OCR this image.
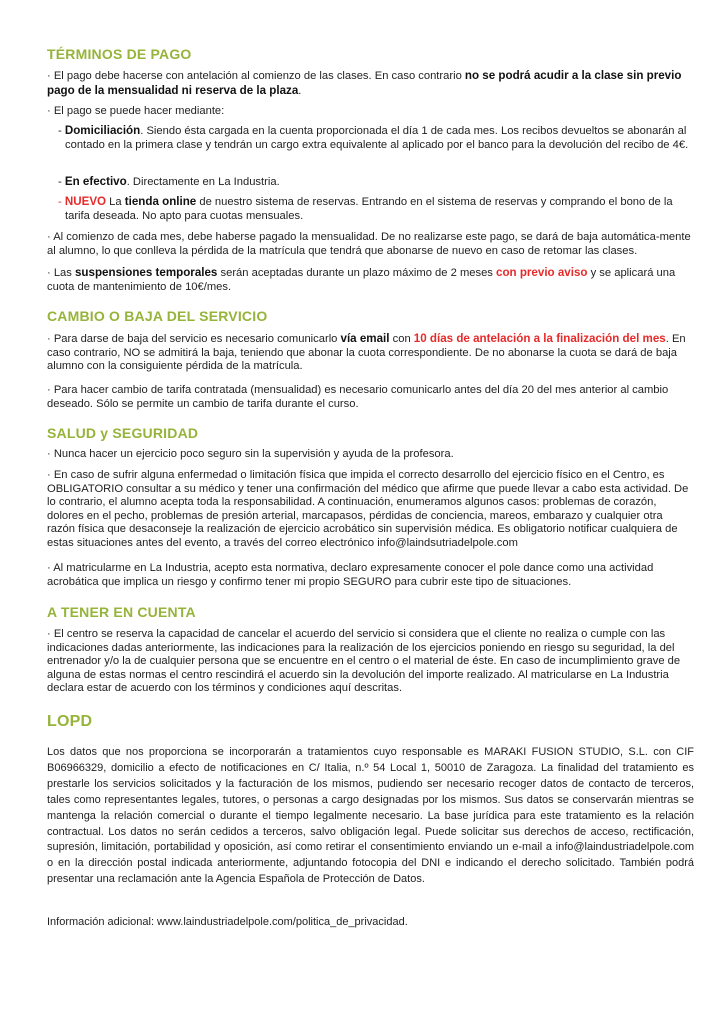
TÉRMINOS DE PAGO

· El pago debe hacerse con antelación al comienzo de las clases. En caso contrario no se podrá acudir a la clase sin previo pago de la mensualidad ni reserva de la plaza.

· El pago se puede hacer mediante:

- Domiciliación. Siendo ésta cargada en la cuenta proporcionada el día 1 de cada mes. Los recibos devueltos se abonarán al contado en la primera clase y tendrán un cargo extra equivalente al aplicado por el banco para la devolución del recibo de 4€.

- En efectivo. Directamente en La Industria.

- NUEVO La tienda online de nuestro sistema de reservas. Entrando en el sistema de reservas y comprando el bono de la tarifa deseada. No apto para cuotas mensuales.

· Al comienzo de cada mes, debe haberse pagado la mensualidad. De no realizarse este pago, se dará de baja automática-mente al alumno, lo que conlleva la pérdida de la matrícula que tendrá que abonarse de nuevo en caso de retomar las clases.

· Las suspensiones temporales serán aceptadas durante un plazo máximo de 2 meses con previo aviso y se aplicará una cuota de mantenimiento de 10€/mes.

CAMBIO O BAJA DEL SERVICIO

· Para darse de baja del servicio es necesario comunicarlo vía email con 10 días de antelación a la finalización del mes. En caso contrario, NO se admitirá la baja, teniendo que abonar la cuota correspondiente. De no abonarse la cuota se dará de baja alumno con la consiguiente pérdida de la matrícula.

· Para hacer cambio de tarifa contratada (mensualidad) es necesario comunicarlo antes del día 20 del mes anterior al cambio deseado. Sólo se permite un cambio de tarifa durante el curso.

SALUD y SEGURIDAD

· Nunca hacer un ejercicio poco seguro sin la supervisión y ayuda de la profesora.

· En caso de sufrir alguna enfermedad o limitación física que impida el correcto desarrollo del ejercicio físico en el Centro, es OBLIGATORIO consultar a su médico y tener una confirmación del médico que afirme que puede llevar a cabo esta actividad. De lo contrario, el alumno acepta toda la responsabilidad. A continuación, enumeramos algunos casos: problemas de corazón, dolores en el pecho, problemas de presión arterial, marcapasos, pérdidas de conciencia, mareos, embarazo y cualquier otra razón física que desaconseje la realización de ejercicio acrobático sin supervisión médica. Es obligatorio notificar cualquiera de estas situaciones antes del evento, a través del correo electrónico info@laindsutriadelpole.com

· Al matricularme en La Industria, acepto esta normativa, declaro expresamente conocer el pole dance como una actividad acrobática que implica un riesgo y confirmo tener mi propio SEGURO para cubrir este tipo de situaciones.

A TENER EN CUENTA

· El centro se reserva la capacidad de cancelar el acuerdo del servicio si considera que el cliente no realiza o cumple con las indicaciones dadas anteriormente, las indicaciones para la realización de los ejercicios poniendo en riesgo su seguridad, la del entrenador y/o la de cualquier persona que se encuentre en el centro o el material de éste. En caso de incumplimiento grave de alguna de estas normas el centro rescindirá el acuerdo sin la devolución del importe realizado. Al matricularse en La Industria declara estar de acuerdo con los términos y condiciones aquí descritas.

LOPD

Los datos que nos proporciona se incorporarán a tratamientos cuyo responsable es MARAKI FUSION STUDIO, S.L. con CIF B06966329, domicilio a efecto de notificaciones en C/ Italia, n.º 54 Local 1, 50010 de Zaragoza. La finalidad del tratamiento es prestarle los servicios solicitados y la facturación de los mismos, pudiendo ser necesario recoger datos de contacto de terceros, tales como representantes legales, tutores, o personas a cargo designadas por los mismos. Sus datos se conservarán mientras se mantenga la relación comercial o durante el tiempo legalmente necesario. La base jurídica para este tratamiento es la relación contractual. Los datos no serán cedidos a terceros, salvo obligación legal. Puede solicitar sus derechos de acceso, rectificación, supresión, limitación, portabilidad y oposición, así como retirar el consentimiento enviando un e-mail a info@laindustriadelpole.com o en la dirección postal indicada anteriormente, adjuntando fotocopia del DNI e indicando el derecho solicitado. También podrá presentar una reclamación ante la Agencia Española de Protección de Datos.

Información adicional: www.laindustriadelpole.com/politica_de_privacidad.
